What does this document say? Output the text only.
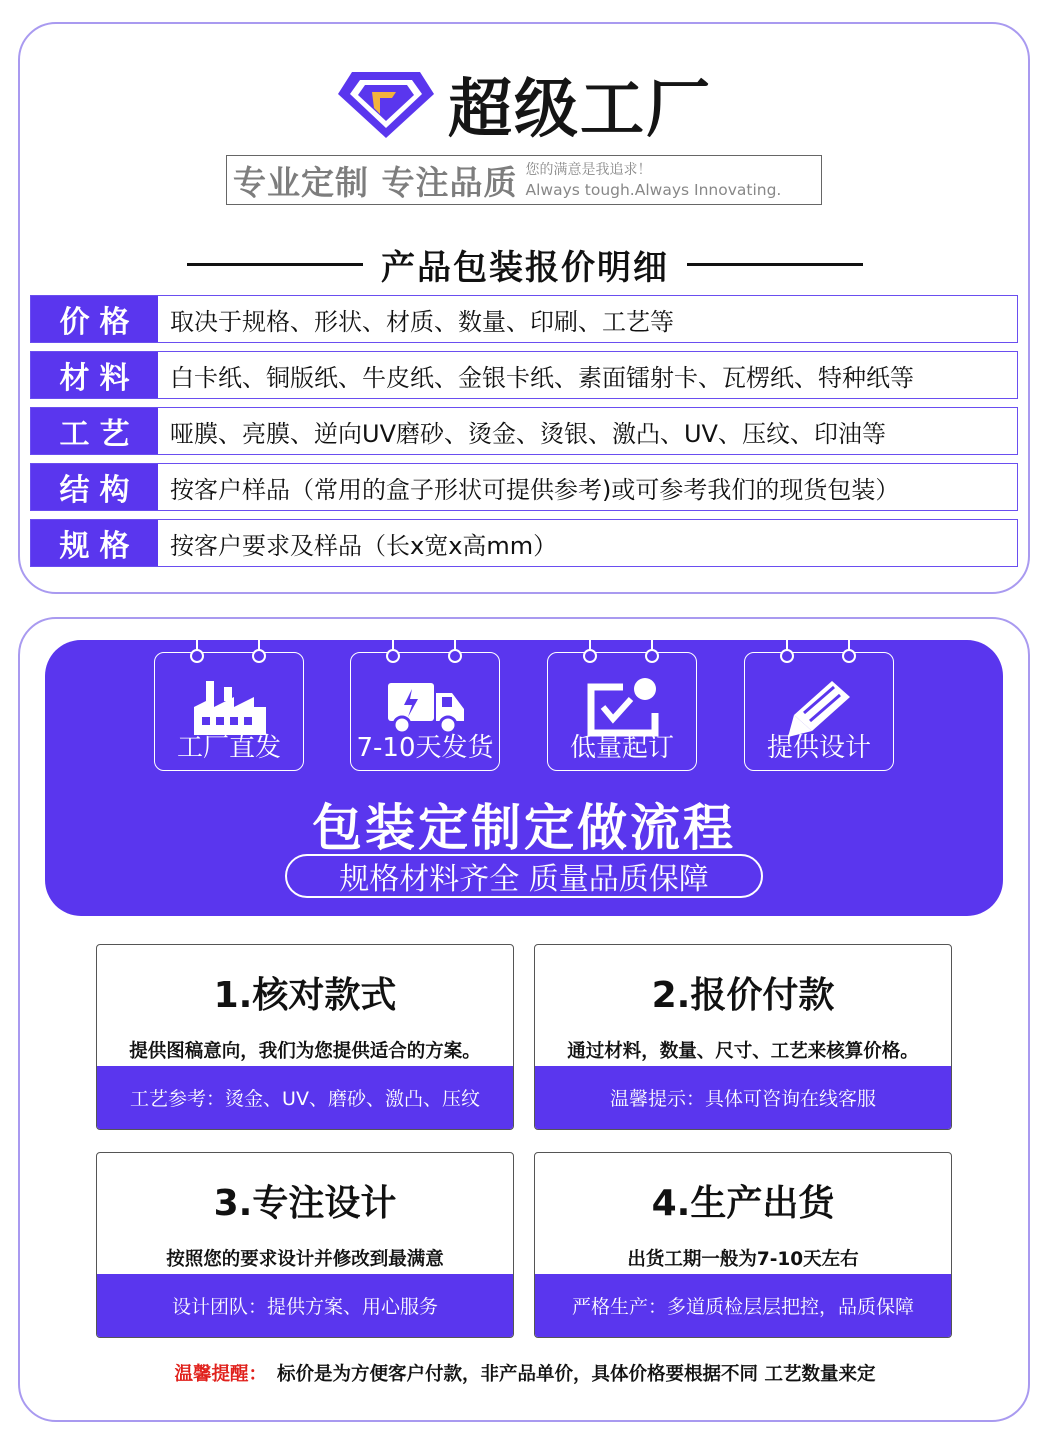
超级工厂
专业定制 专注品质 您的满意是我追求！
Always tough.Always Innovating.
产品包装报价明细
价格	取决于规格、形状、材质、数量、印刷、工艺等
材料	白卡纸、铜版纸、牛皮纸、金银卡纸、素面镭射卡、瓦楞纸、特种纸等
工艺	哑膜、亮膜、逆向UV磨砂、烫金、烫银、激凸、UV、压纹、印油等
结构	按客户样品（常用的盒子形状可提供参考)或可参考我们的现货包装）
规格	按客户要求及样品（长x宽x高mm）
工厂直发	7-10天发货	低量起订	提供设计
包装定制定做流程
规格材料齐全 质量品质保障
1.核对款式
提供图稿意向，我们为您提供适合的方案。
工艺参考：烫金、UV、磨砂、激凸、压纹
2.报价付款
通过材料，数量、尺寸、工艺来核算价格。
温馨提示：具体可咨询在线客服
3.专注设计
按照您的要求设计并修改到最满意
设计团队：提供方案、用心服务
4.生产出货
出货工期一般为7-10天左右
严格生产：多道质检层层把控，品质保障
温馨提醒： 标价是为方便客户付款，非产品单价，具体价格要根据不同 工艺数量来定
